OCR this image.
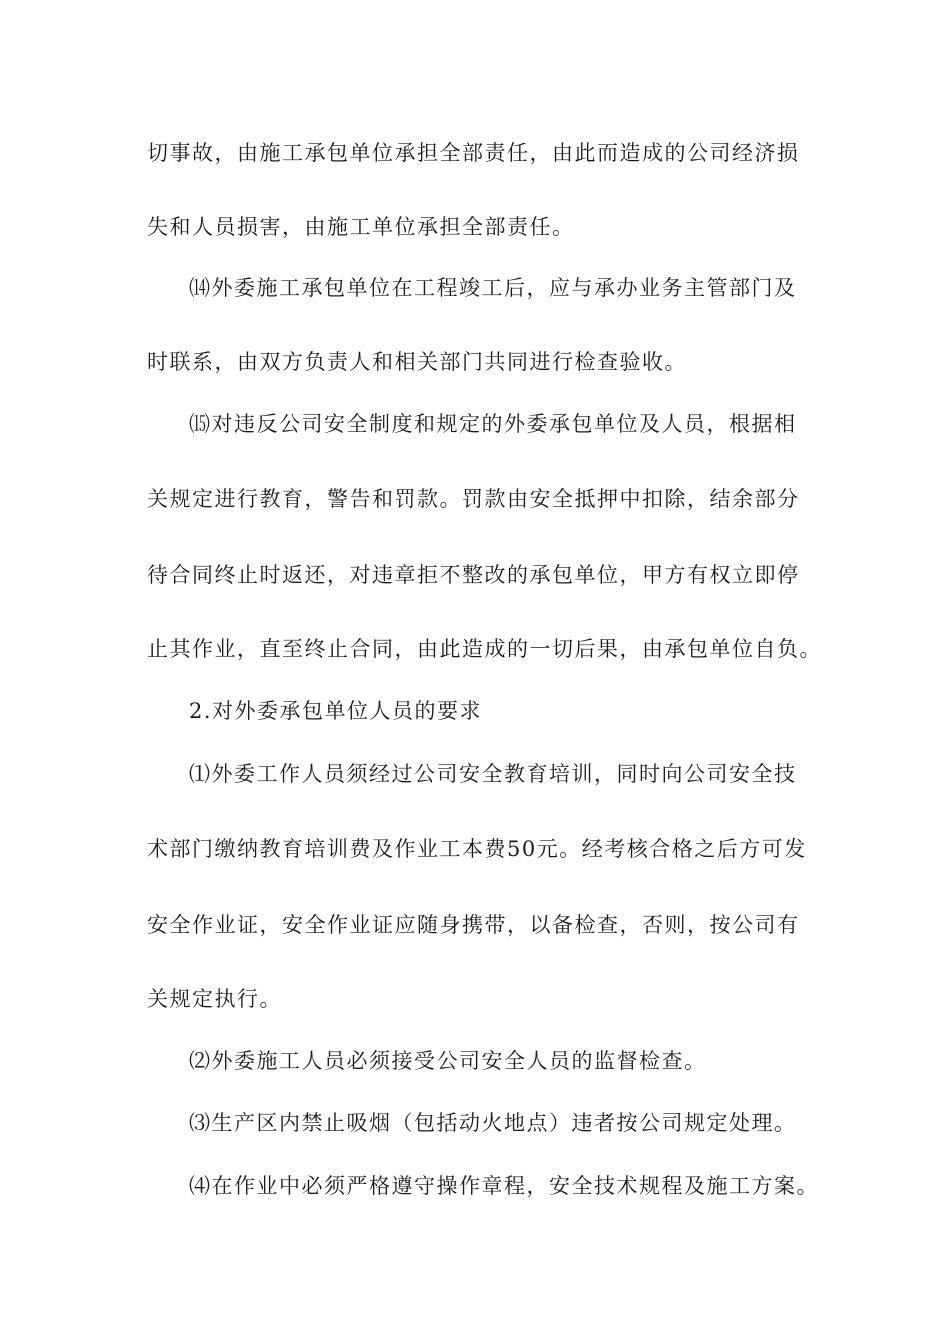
切事故，由施工承包单位承担全部责任，由此而造成的公司经济损
失和人员损害，由施工单位承担全部责任。
⒁外委施工承包单位在工程竣工后，应与承办业务主管部门及
时联系，由双方负责人和相关部门共同进行检查验收。
⒂对违反公司安全制度和规定的外委承包单位及人员，根据相
关规定进行教育，警告和罚款。罚款由安全抵押中扣除，结余部分
待合同终止时返还，对违章拒不整改的承包单位，甲方有权立即停
止其作业，直至终止合同，由此造成的一切后果，由承包单位自负。
2.对外委承包单位人员的要求
⑴外委工作人员须经过公司安全教育培训，同时向公司安全技
术部门缴纳教育培训费及作业工本费50元。经考核合格之后方可发
安全作业证，安全作业证应随身携带，以备检查，否则，按公司有
关规定执行。
⑵外委施工人员必须接受公司安全人员的监督检查。
⑶生产区内禁止吸烟（包括动火地点）违者按公司规定处理。
⑷在作业中必须严格遵守操作章程，安全技术规程及施工方案。
